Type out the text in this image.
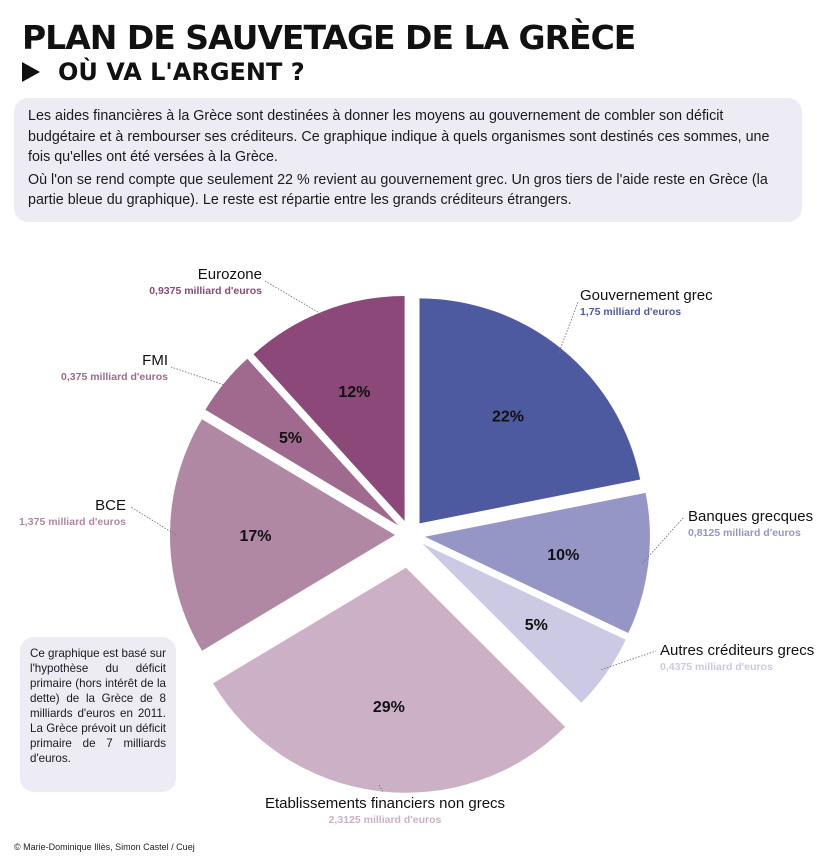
PLAN DE SAUVETAGE DE LA GRÈCE
OÙ VA L'ARGENT ?

Les aides financières à la Grèce sont destinées à donner les moyens au gouvernement de combler son déficit budgétaire et à rembourser ses créditeurs. Ce graphique indique à quels organismes sont destinés ces sommes, une fois qu'elles ont été versées à la Grèce.

Où l'on se rend compte que seulement 22 % revient au gouvernement grec. Un gros tiers de l'aide reste en Grèce (la partie bleue du graphique). Le reste est répartie entre les grands créditeurs étrangers.

22%
Gouvernement grec
1,75 milliard d'euros
10%
Banques grecques
0,8125 milliard d'euros
5%
Autres créditeurs grecs
0,4375 milliard d'euros
29%
Etablissements financiers non grecs
2,3125 milliard d'euros
17%
BCE
1,375 milliard d'euros
5%
FMI
0,375 milliard d'euros
12%
Eurozone
0,9375 milliard d'euros
Ce graphique est basé sur l'hypothèse du déficit primaire (hors intérêt de la dette) de la Grèce de 8 milliards d'euros en 2011. La Grèce prévoit un déficit primaire de 7 milliards d'euros.
© Marie-Dominique Illès, Simon Castel / Cuej
